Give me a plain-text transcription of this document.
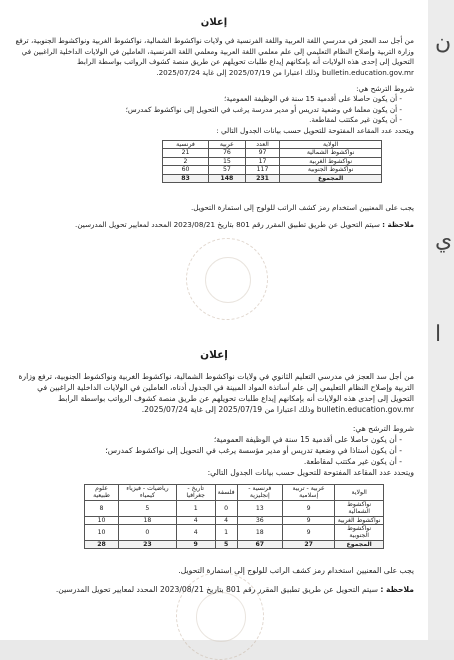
إعلان

من أجل سد العجز في مدرسي اللغة العربية واللغة الفرنسية في ولايات نواكشوط الشمالية، نواكشوط الغربية ونواكشوط الجنوبية، ترفع وزارة التربية وإصلاح النظام التعليمي إلى علم معلمي اللغة العربية ومعلمي اللغة الفرنسية، العاملين في الولايات الداخلية الراغبين في التحويل إلى إحدى هذه الولايات أنه بإمكانهم إيداع طلبات تحويلهم عن طريق منصة كشوف الرواتب بواسطة الرابط bulletin.education.gov.mr وذلك اعتبارا من 2025/07/19 إلى غاية 2025/07/24.

شروط الترشح هي:

- أن يكون حاصلا على أقدمية 15 سنة في الوظيفة العمومية؛
- أن يكون معلما في وضعية تدريس أو مدير مدرسة يرغب في التحويل إلى نواكشوط كمدرس؛
- أن يكون غير مكتتب لمقاطعة.

ويتحدد عدد المقاعد المفتوحة للتحويل حسب بيانات الجدول التالي :

الولاية	العدد	عربية	فرنسية
نواكشوط الشمالية	97	76	21
نواكشوط الغربية	17	15	2
نواكشوط الجنوبية	117	57	60
المجموع	231	148	83

يجب على المعنيين استخدام رمز كشف الراتب للولوج إلى استمارة التحويل.

ملاحظة : سيتم التحويل عن طريق تطبيق المقرر رقم 801 بتاريخ 2023/08/21 المحدد لمعايير تحويل المدرسين.

إعلان

من أجل سد العجز في مدرسي التعليم الثانوي في ولايات نواكشوط الشمالية، نواكشوط الغربية ونواكشوط الجنوبية، ترفع وزارة التربية وإصلاح النظام التعليمي إلى علم أساتذة المواد المبينة في الجدول أدناه، العاملين في الولايات الداخلية الراغبين في التحويل إلى إحدى هذه الولايات أنه بإمكانهم إيداع طلبات تحويلهم عن طريق منصة كشوف الرواتب بواسطة الرابط bulletin.education.gov.mr وذلك اعتبارا من 2025/07/19 إلى غاية 2025/07/24.

شروط الترشح هي:

- أن يكون حاصلا على أقدمية 15 سنة في الوظيفة العمومية؛
- أن يكون أستاذا في وضعية تدريس أو مدير مؤسسة يرغب في التحويل إلى نواكشوط كمدرس؛
- أن يكون غير مكتتب لمقاطعة.

ويتحدد عدد المقاعد المفتوحة للتحويل حسب بيانات الجدول التالي:

الولاية	عربية - تربية إسلامية	فرنسية - إنجليزية	فلسفة	تاريخ - جغرافيا	رياضيات - فيزياء كيمياء	علوم طبيعية
نواكشوط الشمالية	9	13	0	1	5	8
نواكشوط الغربية	9	36	4	4	18	10
نواكشوط الجنوبية	9	18	1	4	0	10
المجموع	27	67	5	9	23	28

يجب على المعنيين استخدام رمز كشف الراتب للولوج إلى استمارة التحويل.

ملاحظة : سيتم التحويل عن طريق تطبيق المقرر رقم 801 بتاريخ 2023/08/21 المحدد لمعايير تحويل المدرسين.

ن
ي
ا
